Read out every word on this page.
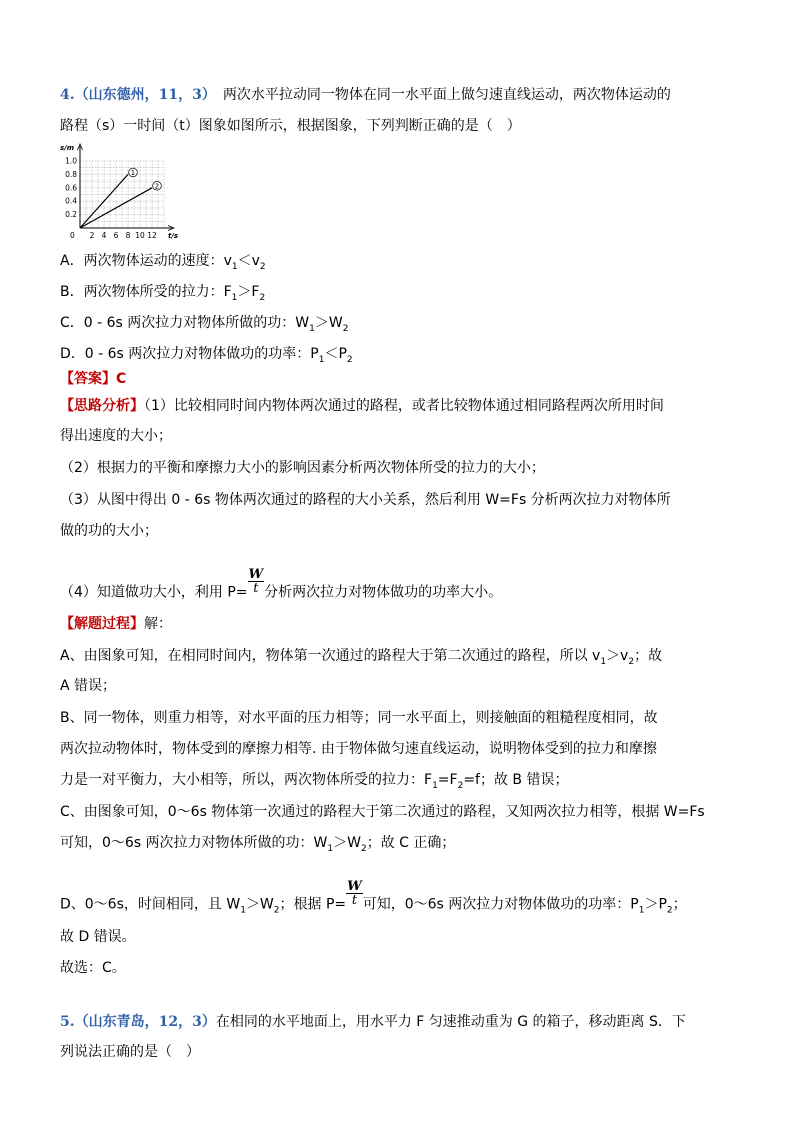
4.（山东德州，11，3）　 两次水平拉动同一物体在同一水平面上做匀速直线运动，两次物体运动的
路程（s）一时间（t）图象如图所示，根据图象，下列判断正确的是（　）
1
2
s/m
t/s
0
1.0
0.8
0.6
0.4
0.2
2 4 6 8 10 12
A．两次物体运动的速度：$v_1<v_2$
B．两次物体所受的拉力：$F_1>F_2$
C．0 - 6s 两次拉力对物体所做的功：$W_1>W_2$
D．0 - 6s 两次拉力对物体做功的功率：$P_1<P_2$
【答案】C
【思路分析】（1）比较相同时间内物体两次通过的路程，或者比较物体通过相同路程两次所用时间
得出速度的大小；
（2）根据力的平衡和摩擦力大小的影响因素分析两次物体所受的拉力的大小；
（3）从图中得出 0 - 6s 物体两次通过的路程的大小关系，然后利用 W=Fs 分析两次拉力对物体所
做的功的大小；
（4）知道做功大小，利用 $P= \frac{W}{t}$ 分析两次拉力对物体做功的功率大小。
【解题过程】解：
A、由图象可知，在相同时间内，物体第一次通过的路程大于第二次通过的路程，所以 $v_1>v_2$；故
A 错误；
B、同一物体，则重力相等，对水平面的压力相等；同一水平面上，则接触面的粗糙程度相同，故
两次拉动物体时，物体受到的摩擦力相等. 由于物体做匀速直线运动，说明物体受到的拉力和摩擦
力是一对平衡力，大小相等，所以，两次物体所受的拉力：$F_1=F_2=f$；故 B 错误；
C、由图象可知，0～6s 物体第一次通过的路程大于第二次通过的路程，又知两次拉力相等，根据 W=Fs
可知，0～6s 两次拉力对物体所做的功：$W_1>W_2$；故 C 正确；
D、0～6s，时间相同，且 $W_1>W_2$；根据 $P= \frac{W}{t}$ 可知，0～6s 两次拉力对物体做功的功率：$P_1>P_2$；
故 D 错误。
故选：C。
5.（山东青岛，12，3）在相同的水平地面上，用水平力 F 匀速推动重为 G 的箱子，移动距离 S．下
列说法正确的是（　）
